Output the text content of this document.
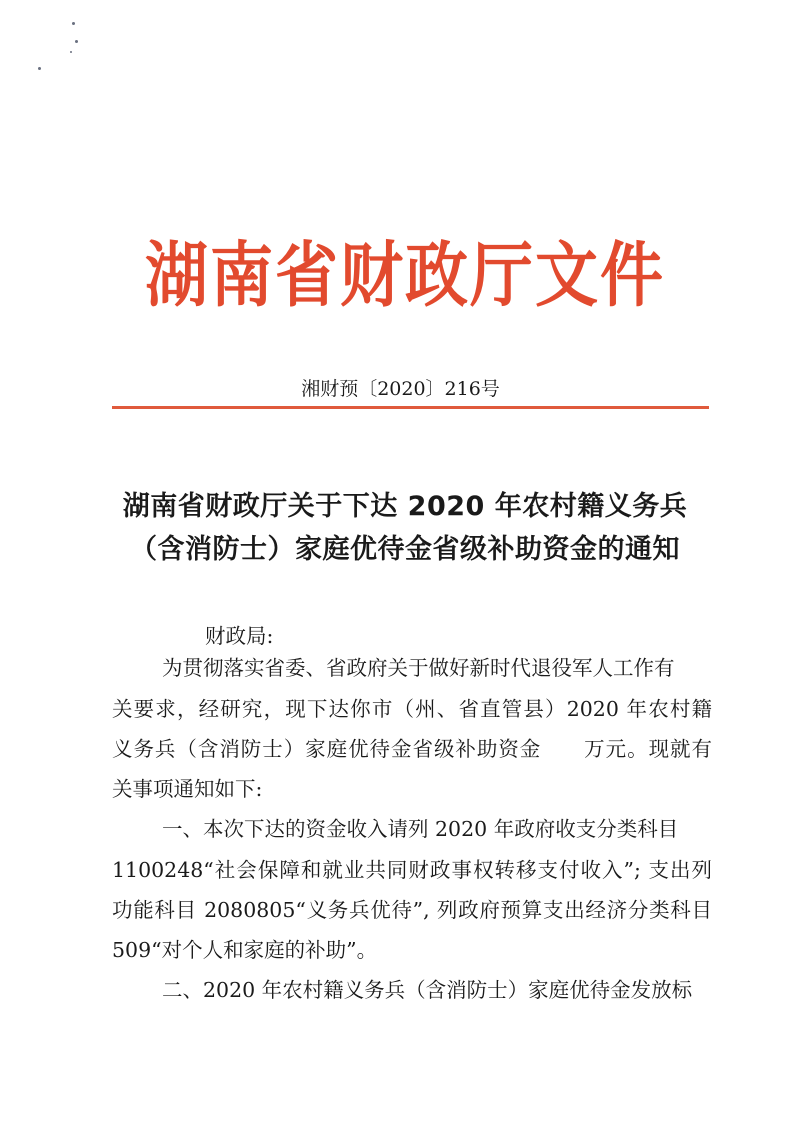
湖南省财政厅文件
湘财预〔2020〕216号
湖南省财政厅关于下达 2020 年农村籍义务兵
（含消防士）家庭优待金省级补助资金的通知
财政局:
为贯彻落实省委、省政府关于做好新时代退役军人工作有
关要求，经研究，现下达你市（州、省直管县）2020 年农村籍
义务兵（含消防士）家庭优待金省级补助资金　　万元。现就有
关事项通知如下:
一、本次下达的资金收入请列 2020 年政府收支分类科目
1100248“社会保障和就业共同财政事权转移支付收入”; 支出列
功能科目 2080805“义务兵优待”, 列政府预算支出经济分类科目
509“对个人和家庭的补助”。
二、2020 年农村籍义务兵（含消防士）家庭优待金发放标
